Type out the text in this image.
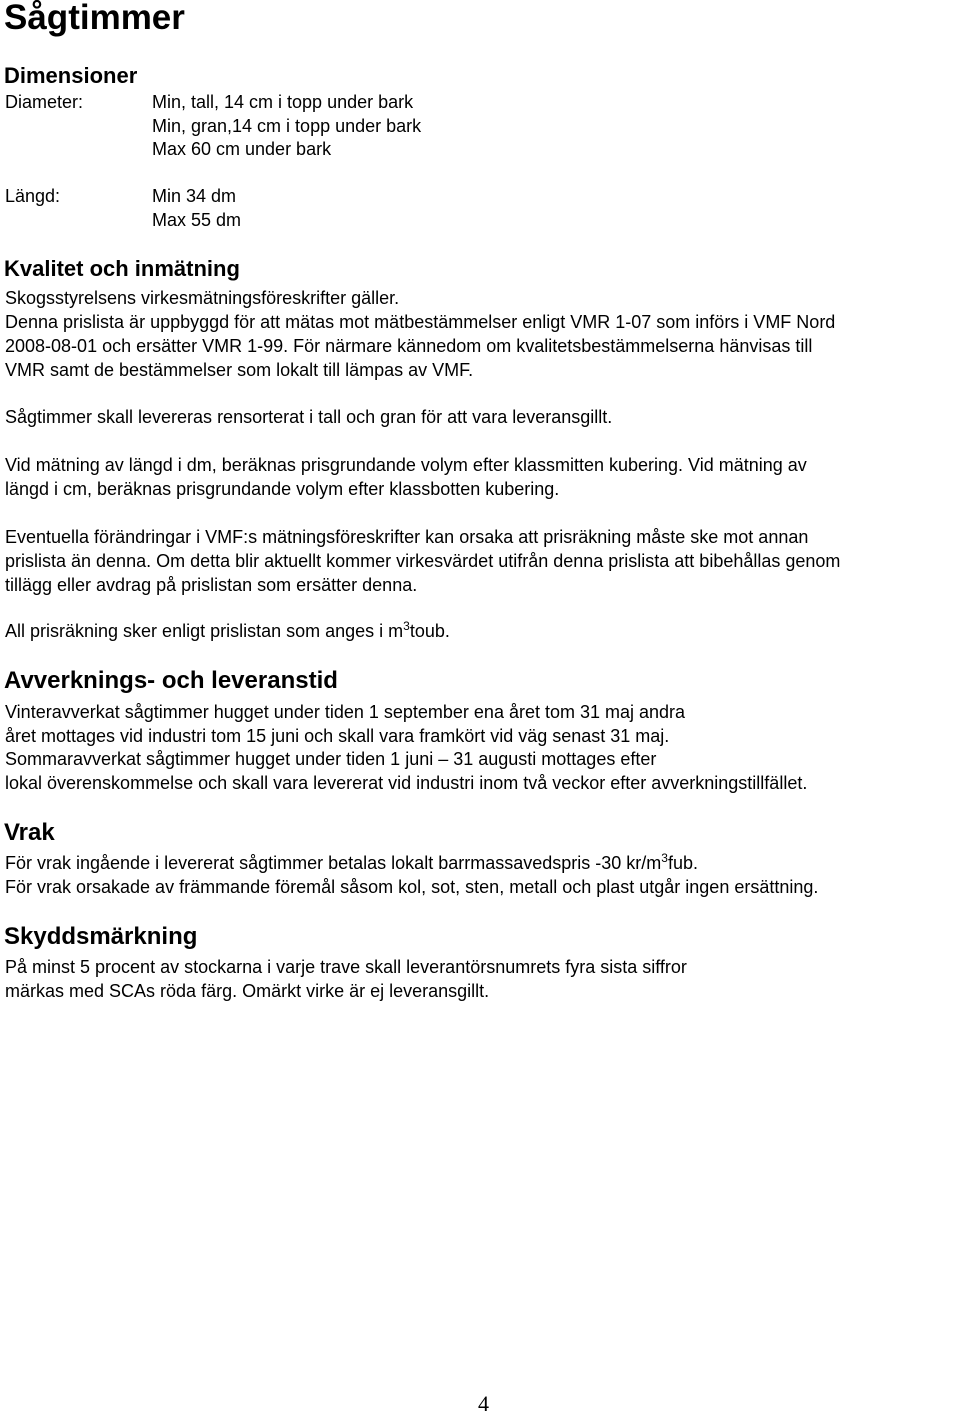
Sågtimmer
Dimensioner
Diameter:	Min, tall, 14 cm i topp under bark
Min, gran,14 cm i topp under bark
Max 60 cm under bark
Längd:	Min 34 dm
Max 55 dm
Kvalitet och inmätning

Skogsstyrelsens virkesmätningsföreskrifter gäller.

Denna prislista är uppbyggd för att mätas mot mätbestämmelser enligt VMR 1-07 som införs i VMF Nord

2008-08-01 och ersätter VMR 1-99. För närmare kännedom om kvalitetsbestämmelserna hänvisas till

VMR samt de bestämmelser som lokalt till lämpas av VMF.

Sågtimmer skall levereras rensorterat i tall och gran för att vara leveransgillt.

Vid mätning av längd i dm, beräknas prisgrundande volym efter klassmitten kubering. Vid mätning av

längd i cm, beräknas prisgrundande volym efter klassbotten kubering.

Eventuella förändringar i VMF:s mätningsföreskrifter kan orsaka att prisräkning måste ske mot annan

prislista än denna. Om detta blir aktuellt kommer virkesvärdet utifrån denna prislista att bibehållas genom

tillägg eller avdrag på prislistan som ersätter denna.

All prisräkning sker enligt prislistan som anges i $m^3toub$.

Avverknings- och leveranstid

Vinteravverkat sågtimmer hugget under tiden 1 september ena året tom 31 maj andra

året mottages vid industri tom 15 juni och skall vara framkört vid väg senast 31 maj.

Sommaravverkat sågtimmer hugget under tiden 1 juni – 31 augusti mottages efter

lokal överenskommelse och skall vara levererat vid industri inom två veckor efter avverkningstillfället.

Vrak

För vrak ingående i levererat sågtimmer betalas lokalt barrmassavedspris -30 $kr/m^3fub$.

För vrak orsakade av främmande föremål såsom kol, sot, sten, metall och plast utgår ingen ersättning.

Skyddsmärkning

På minst 5 procent av stockarna i varje trave skall leverantörsnumrets fyra sista siffror

märkas med SCAs röda färg. Omärkt virke är ej leveransgillt.

4
